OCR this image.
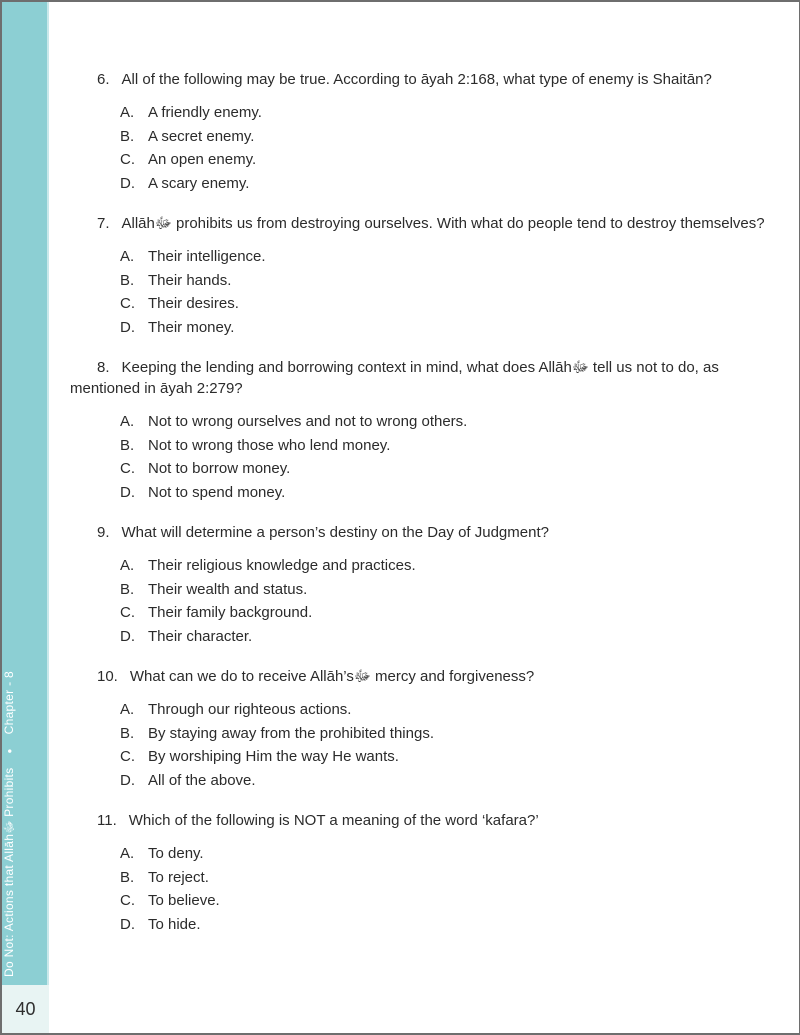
Do Not: Actions that Allāhﷻ Prohibits●Chapter - 8
40

6. All of the following may be true. According to āyah 2:168, what type of enemy is Shaitān?

A. A friendly enemy.
B. A secret enemy.
C. An open enemy.
D. A scary enemy.

7. Allāhﷻ prohibits us from destroying ourselves. With what do people tend to destroy themselves?

A. Their intelligence.
B. Their hands.
C. Their desires.
D. Their money.

8. Keeping the lending and borrowing context in mind, what does Allāhﷻ tell us not to do, as mentioned in āyah 2:279?

A. Not to wrong ourselves and not to wrong others.
B. Not to wrong those who lend money.
C. Not to borrow money.
D. Not to spend money.

9. What will determine a person’s destiny on the Day of Judgment?

A. Their religious knowledge and practices.
B. Their wealth and status.
C. Their family background.
D. Their character.

10. What can we do to receive Allāh’sﷻ mercy and forgiveness?

A. Through our righteous actions.
B. By staying away from the prohibited things.
C. By worshiping Him the way He wants.
D. All of the above.

11. Which of the following is NOT a meaning of the word ‘kafara?’

A. To deny.
B. To reject.
C. To believe.
D. To hide.
